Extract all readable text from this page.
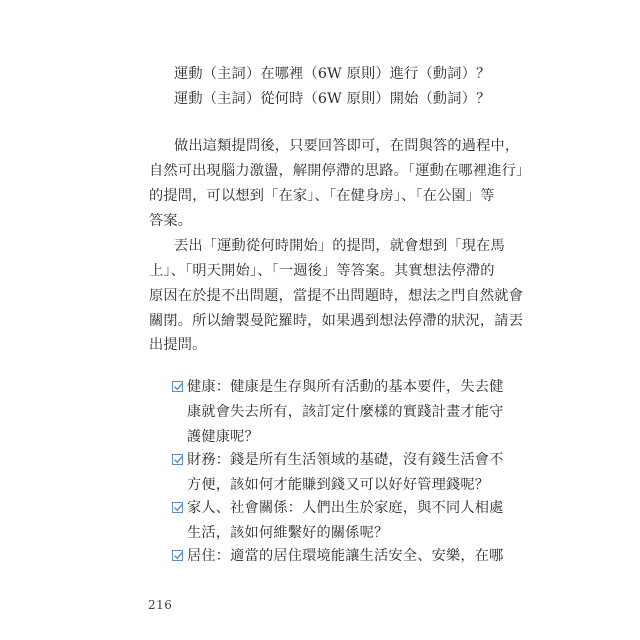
運動（主詞）在哪裡（6W 原則）進行（動詞）？
運動（主詞）從何時（6W 原則）開始（動詞）？
做出這類提問後，只要回答即可，在問與答的過程中，
自然可出現腦力激盪，解開停滯的思路。「運動在哪裡進行」
的提問，可以想到「在家」、「在健身房」、「在公園」等
答案。
丟出「運動從何時開始」的提問，就會想到「現在馬
上」、「明天開始」、「一週後」等答案。其實想法停滯的
原因在於提不出問題，當提不出問題時，想法之門自然就會
關閉。所以繪製曼陀羅時，如果遇到想法停滯的狀況，請丟
出提問。
健康：健康是生存與所有活動的基本要件，失去健
康就會失去所有，該訂定什麼樣的實踐計畫才能守
護健康呢？
財務：錢是所有生活領域的基礎，沒有錢生活會不
方便，該如何才能賺到錢又可以好好管理錢呢？
家人、社會關係：人們出生於家庭，與不同人相處
生活，該如何維繫好的關係呢？
居住：適當的居住環境能讓生活安全、安樂，在哪
216
